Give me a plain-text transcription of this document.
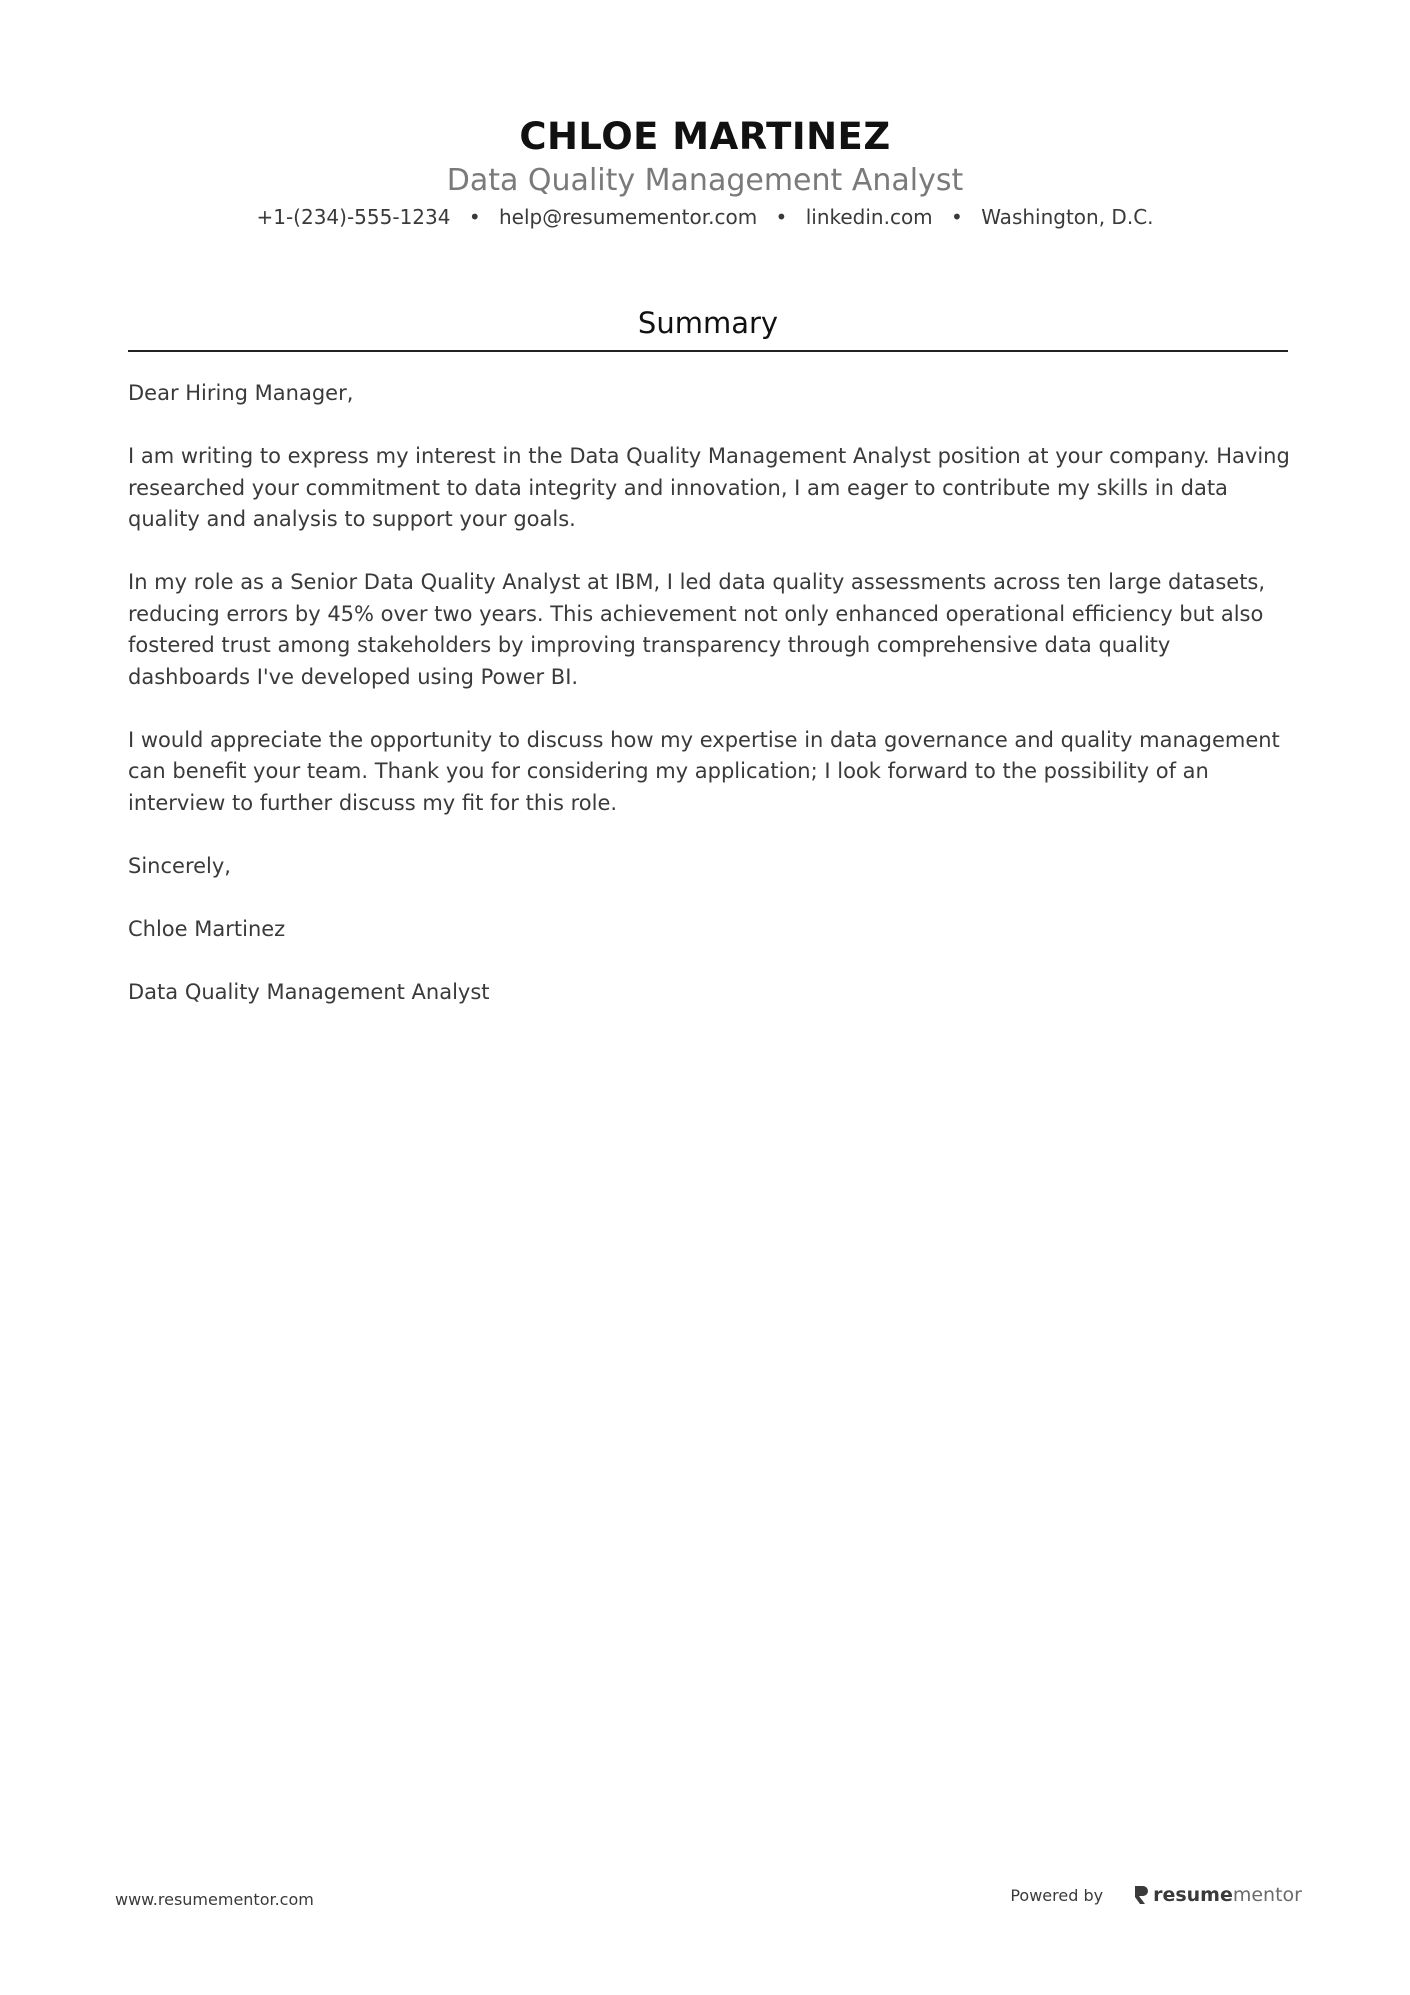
CHLOE MARTINEZ
Data Quality Management Analyst
+1-(234)-555-1234 • help@resumementor.com • linkedin.com • Washington, D.C.
Summary

Dear Hiring Manager,

I am writing to express my interest in the Data Quality Management Analyst position at your company. Having researched your commitment to data integrity and innovation, I am eager to contribute my skills in data quality and analysis to support your goals.

In my role as a Senior Data Quality Analyst at IBM, I led data quality assessments across ten large datasets, reducing errors by 45% over two years. This achievement not only enhanced operational efficiency but also fostered trust among stakeholders by improving transparency through comprehensive data quality dashboards I've developed using Power BI.

I would appreciate the opportunity to discuss how my expertise in data governance and quality management can benefit your team. Thank you for considering my application; I look forward to the possibility of an interview to further discuss my fit for this role.

Sincerely,

Chloe Martinez

Data Quality Management Analyst

www.resumementor.com	Powered by	resume mentor
